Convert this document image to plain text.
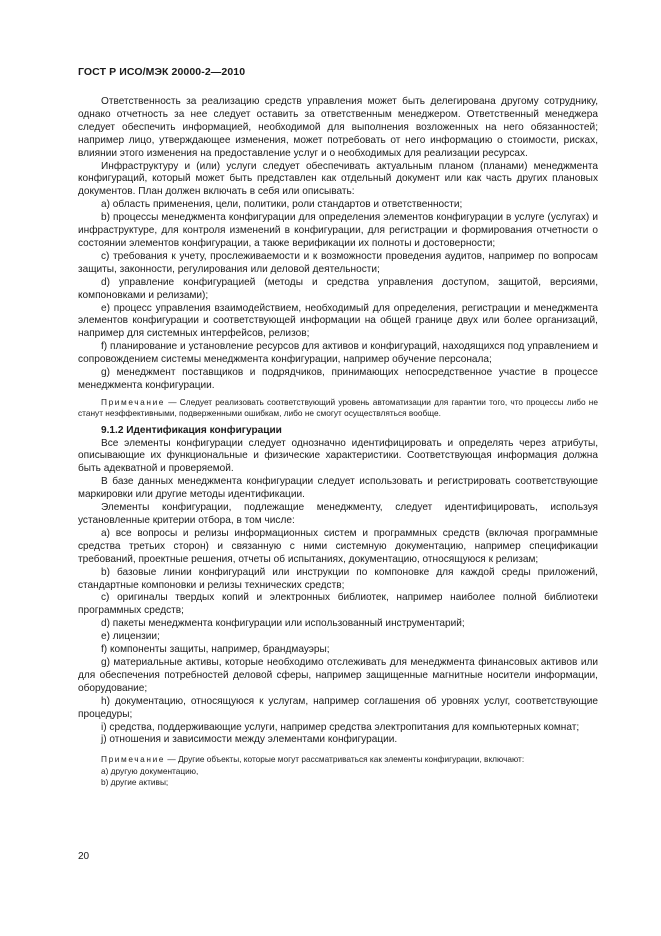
ГОСТ Р ИСО/МЭК 20000-2—2010

Ответственность за реализацию средств управления может быть делегирована другому сотруднику, однако отчетность за нее следует оставить за ответственным менеджером. Ответственный менеджера следует обеспечить информацией, необходимой для выполнения возложенных на него обязанностей; например лицо, утверждающее изменения, может потребовать от него информацию о стоимости, рисках, влиянии этого изменения на предоставление услуг и о необходимых для реализации ресурсах.

Инфраструктуру и (или) услуги следует обеспечивать актуальным планом (планами) менеджмента конфигураций, который может быть представлен как отдельный документ или как часть других плановых документов. План должен включать в себя или описывать:

а) область применения, цели, политики, роли стандартов и ответственности;

b) процессы менеджмента конфигурации для определения элементов конфигурации в услуге (услугах) и инфраструктуре, для контроля изменений в конфигурации, для регистрации и формирования отчетности о состоянии элементов конфигурации, а также верификации их полноты и достоверности;

c) требования к учету, прослеживаемости и к возможности проведения аудитов, например по вопросам защиты, законности, регулирования или деловой деятельности;

d) управление конфигурацией (методы и средства управления доступом, защитой, версиями, компоновками и релизами);

e) процесс управления взаимодействием, необходимый для определения, регистрации и менеджмента элементов конфигурации и соответствующей информации на общей границе двух или более организаций, например для системных интерфейсов, релизов;

f) планирование и установление ресурсов для активов и конфигураций, находящихся под управлением и сопровождением системы менеджмента конфигурации, например обучение персонала;

g) менеджмент поставщиков и подрядчиков, принимающих непосредственное участие в процессе менеджмента конфигурации.

Примечание — Следует реализовать соответствующий уровень автоматизации для гарантии того, что процессы либо не станут неэффективными, подверженными ошибкам, либо не смогут осуществляться вообще.

9.1.2 Идентификация конфигурации

Все элементы конфигурации следует однозначно идентифицировать и определять через атрибуты, описывающие их функциональные и физические характеристики. Соответствующая информация должна быть адекватной и проверяемой.

В базе данных менеджмента конфигурации следует использовать и регистрировать соответствующие маркировки или другие методы идентификации.

Элементы конфигурации, подлежащие менеджменту, следует идентифицировать, используя установленные критерии отбора, в том числе:

а) все вопросы и релизы информационных систем и программных средств (включая программные средства третьих сторон) и связанную с ними системную документацию, например спецификации требований, проектные решения, отчеты об испытаниях, документацию, относящуюся к релизам;

b) базовые линии конфигураций или инструкции по компоновке для каждой среды приложений, стандартные компоновки и релизы технических средств;

c) оригиналы твердых копий и электронных библиотек, например наиболее полной библиотеки программных средств;

d) пакеты менеджмента конфигурации или использованный инструментарий;

e) лицензии;

f) компоненты защиты, например, брандмауэры;

g) материальные активы, которые необходимо отслеживать для менеджмента финансовых активов или для обеспечения потребностей деловой сферы, например защищенные магнитные носители информации, оборудование;

h) документацию, относящуюся к услугам, например соглашения об уровнях услуг, соответствующие процедуры;

i) средства, поддерживающие услуги, например средства электропитания для компьютерных комнат;

j) отношения и зависимости между элементами конфигурации.

Примечание — Другие объекты, которые могут рассматриваться как элементы конфигурации, включают:

а) другую документацию,

b) другие активы;

20
